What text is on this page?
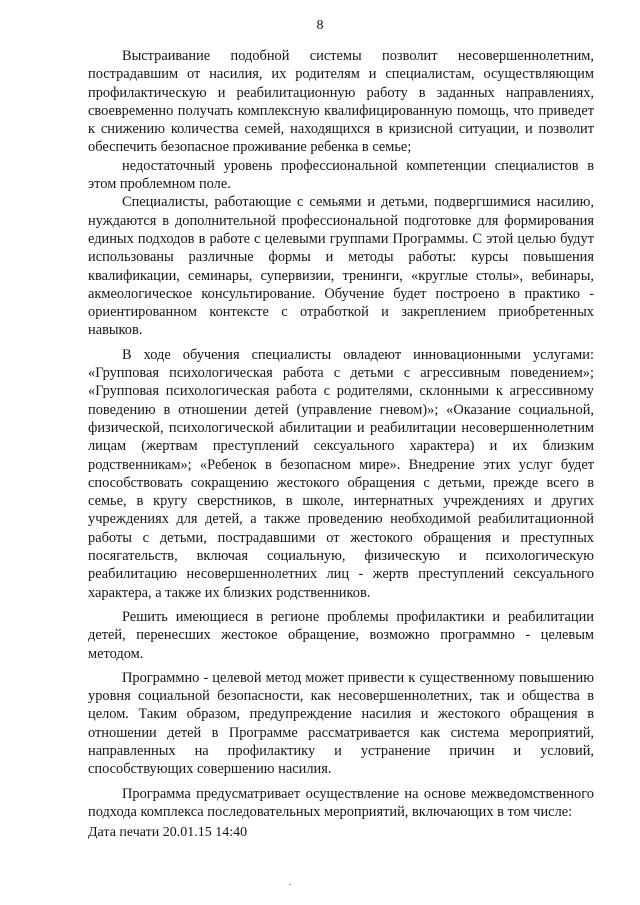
8

Выстраивание подобной системы позволит несовершеннолетним, пострадавшим от насилия, их родителям и специалистам, осуществляющим профилактическую и реабилитационную работу в заданных направлениях, своевременно получать комплексную квалифицированную помощь, что приведет к снижению количества семей, находящихся в кризисной ситуации, и позволит обеспечить безопасное проживание ребенка в семье;

недостаточный уровень профессиональной компетенции специалистов в этом проблемном поле.

Специалисты, работающие с семьями и детьми, подвергшимися насилию, нуждаются в дополнительной профессиональной подготовке для формирования единых подходов в работе с целевыми группами Программы. С этой целью будут использованы различные формы и методы работы: курсы повышения квалификации, семинары, супервизии, тренинги, «круглые столы», вебинары, акмеологическое консультирование. Обучение будет построено в практико - ориентированном контексте с отработкой и закреплением приобретенных навыков.

В ходе обучения специалисты овладеют инновационными услугами: «Групповая психологическая работа с детьми с агрессивным поведением»; «Групповая психологическая работа с родителями, склонными к агрессивному поведению в отношении детей (управление гневом)»; «Оказание социальной, физической, психологической абилитации и реабилитации несовершеннолетним лицам (жертвам преступлений сексуального характера) и их близким родственникам»; «Ребенок в безопасном мире». Внедрение этих услуг будет способствовать сокращению жестокого обращения с детьми, прежде всего в семье, в кругу сверстников, в школе, интернатных учреждениях и других учреждениях для детей, а также проведению необходимой реабилитационной работы с детьми, пострадавшими от жестокого обращения и преступных посягательств, включая социальную, физическую и психологическую реабилитацию несовершеннолетних лиц - жертв преступлений сексуального характера, а также их близких родственников.

Решить имеющиеся в регионе проблемы профилактики и реабилитации детей, перенесших жестокое обращение, возможно программно - целевым методом.

Программно - целевой метод может привести к существенному повышению уровня социальной безопасности, как несовершеннолетних, так и общества в целом. Таким образом, предупреждение насилия и жестокого обращения в отношении детей в Программе рассматривается как система мероприятий, направленных на профилактику и устранение причин и условий, способствующих совершению насилия.

Программа предусматривает осуществление на основе межведомственного подхода комплекса последовательных мероприятий, включающих в том числе:

Дата печати 20.01.15 14:40
